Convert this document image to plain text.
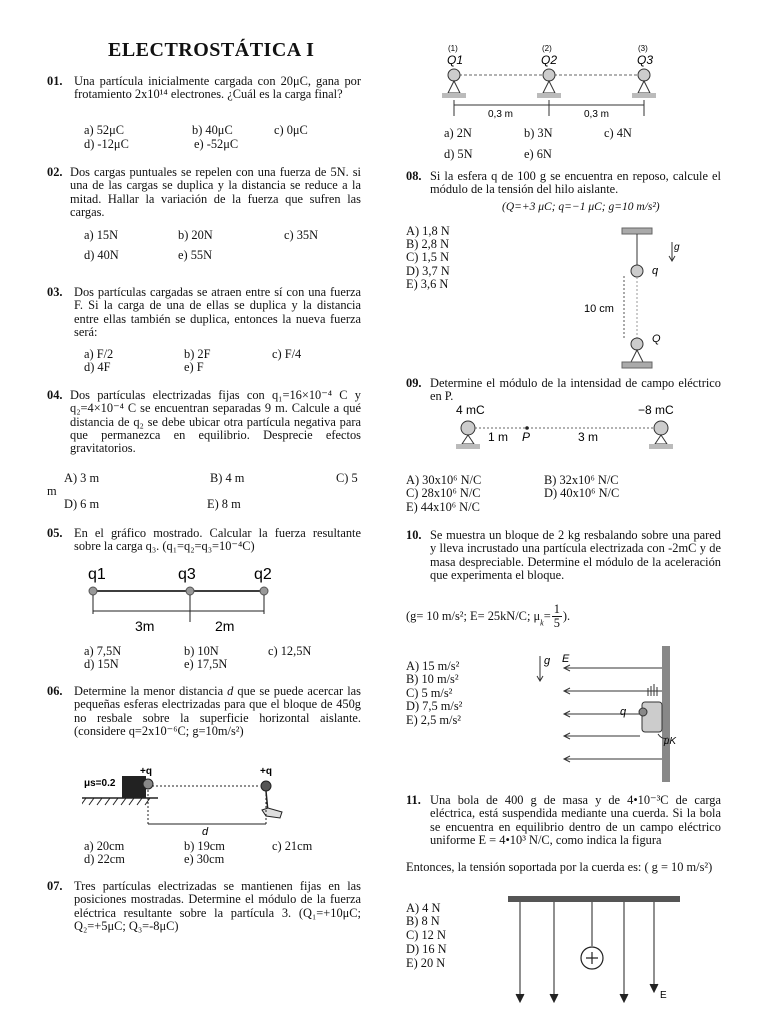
ELECTROSTÁTICA I
01. Una partícula inicialmente cargada con 20μC, gana por frotamiento 2x10¹⁴ electrones. ¿Cuál es la carga final?
a) 52μC	b) 40μC	c) 0μC
d) -12μC	e) -52μC
02. Dos cargas puntuales se repelen con una fuerza de 5N. si una de las cargas se duplica y la distancia se reduce a la mitad. Hallar la variación de la fuerza que sufren las cargas.
a) 15N	b) 20N	c) 35N
d) 40N	e) 55N
03. Dos partículas cargadas se atraen entre sí con una fuerza F. Si la carga de una de ellas se duplica y la distancia entre ellas también se duplica, entonces la nueva fuerza será:
a) F/2	b) 2F	c) F/4
d) 4F	e) F
04. Dos partículas electrizadas fijas con q₁=16×10⁻⁴ C y q₂=4×10⁻⁴ C se encuentran separadas 9 m. Calcule a qué distancia de q₂ se debe ubicar otra partícula negativa para que permanezca en equilibrio. Desprecie efectos gravitatorios.
A) 3 m	B) 4 m	C) 5
m
D) 6 m	E) 8 m
05. En el gráfico mostrado. Calcular la fuerza resultante sobre la carga q₃. (q₁=q₂=q₃=10⁻⁴C)
q1	q3	q2
3m	2m
a) 7,5N	b) 10N	c) 12,5N
d) 15N	e) 17,5N
06. Determine la menor distancia d que se puede acercar las pequeñas esferas electrizadas para que el bloque de 450g no resbale sobre la superficie horizontal aislante. (considere q=2x10⁻⁶C; g=10m/s²)
μs=0.2
+q	+q
d
a) 20cm	b) 19cm	c) 21cm
d) 22cm	e) 30cm
07. Tres partículas electrizadas se mantienen fijas en las posiciones mostradas. Determine el módulo de la fuerza eléctrica resultante sobre la partícula 3. (Q₁=+10μC; Q₂=+5μC; Q₃=-8μC)
(1)	(2)	(3)
Q1	Q2	Q3
0,3 m	0,3 m
a) 2N	b) 3N	c) 4N
d) 5N	e) 6N
08. Si la esfera q de 100 g se encuentra en reposo, calcule el módulo de la tensión del hilo aislante.
(Q=+3 μC; q=−1 μC; g=10 m/s²)
q
g
10 cm
Q
A) 1,8 N
B) 2,8 N
C) 1,5 N
D) 3,7 N
E) 3,6 N
09. Determine el módulo de la intensidad de campo eléctrico en P.
4 mC	−8 mC
1 m P	3 m
A) 30x10⁶ N/C	B) 32x10⁶ N/C
C) 28x10⁶ N/C	D) 40x10⁶ N/C
E) 44x10⁶ N/C
10. Se muestra un bloque de 2 kg resbalando sobre una pared y lleva incrustado una partícula electrizada con -2mC y de masa despreciable. Determine el módulo de la aceleración que experimenta el bloque.
(g= 10 m/s²; E= 25kN/C; $\mu_k= \frac{1}{5}$ ).
g E
q
μK
A) 15 m/s²
B) 10 m/s²
C) 5 m/s²
D) 7,5 m/s²
E) 2,5 m/s²
11. Una bola de 400 g de masa y de 4•10⁻³C de carga eléctrica, está suspendida mediante una cuerda. Si la bola se encuentra en equilibrio dentro de un campo eléctrico uniforme E = 4•10³ N/C, como indica la figura
Entonces, la tensión soportada por la cuerda es: ( g = 10 m/s²)
E
A) 4 N
B) 8 N
C) 12 N
D) 16 N
E) 20 N
